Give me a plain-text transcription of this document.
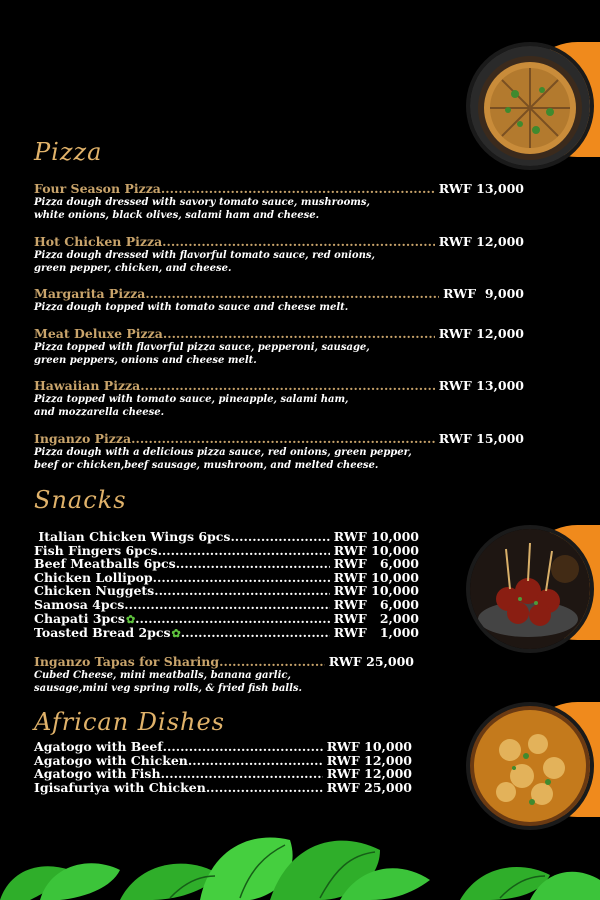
Pizza
Four Season Pizza .....	RWF 13,000
Pizza dough dressed with savory tomato sauce, mushrooms,
white onions, black olives, salami ham and cheese.
Hot Chicken Pizza .....	RWF 12,000
Pizza dough dressed with flavorful tomato sauce, red onions,
green pepper, chicken, and cheese.
Margarita Pizza .....	RWF  9,000
Pizza dough topped with tomato sauce and cheese melt.
Meat Deluxe Pizza .....	RWF 12,000
Pizza topped with flavorful pizza sauce, pepperoni, sausage,
green peppers, onions and cheese melt.
Hawaiian Pizza .....	RWF 13,000
Pizza topped with tomato sauce, pineapple, salami ham,
and mozzarella cheese.
Inganzo Pizza .....	RWF 15,000
Pizza dough with a delicious pizza sauce, red onions, green pepper,
beef or chicken,beef sausage, mushroom, and melted cheese.
Snacks
Italian Chicken Wings 6pcs .....	RWF 10,000
Fish Fingers 6pcs .....	RWF 10,000
Beef Meatballs 6pcs .....	RWF   6,000
Chicken Lollipop .....	RWF 10,000
Chicken Nuggets .....	RWF 10,000
Samosa 4pcs .....	RWF   6,000
Chapati 3pcs ✿ .....	RWF   2,000
Toasted Bread 2pcs ✿ .....	RWF   1,000
Inganzo Tapas for Sharing .....	RWF 25,000
Cubed Cheese, mini meatballs, banana garlic,
sausage,mini veg spring rolls, & fried fish balls.
African Dishes
Agatogo with Beef .....	RWF 10,000
Agatogo with Chicken .....	RWF 12,000
Agatogo with Fish .....	RWF 12,000
Igisafuriya with Chicken .....	RWF 25,000
